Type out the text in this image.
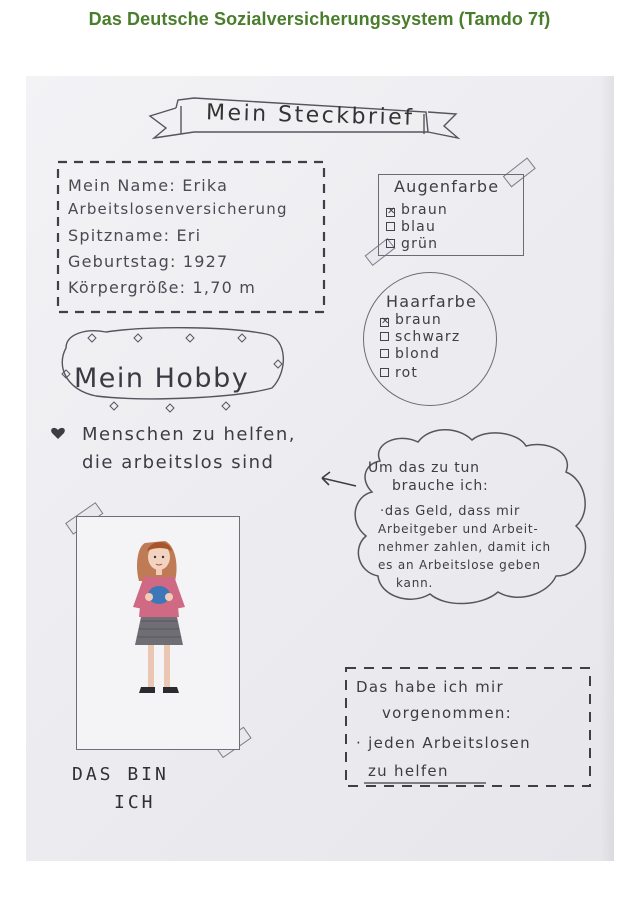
Das Deutsche Sozialversicherungssystem (Tamdo 7f)
Mein Steckbrief
Mein Name: Erika
Arbeitslosenversicherung
Spitzname: Eri
Geburtstag: 1927
Körpergröße: 1,70 m
Augenfarbe
✕ braun
blau
grün
Haarfarbe
✕ braun
schwarz
blond
rot
Mein Hobby
Menschen zu helfen,
die arbeitslos sind	Um das zu tun
brauche ich:
·das Geld, dass mir
Arbeitgeber und Arbeit-
nehmer zahlen, damit ich
es an Arbeitslose geben
kann.
DAS BIN
ICH
Das habe ich mir
vorgenommen:
· jeden Arbeitslosen
zu helfen
